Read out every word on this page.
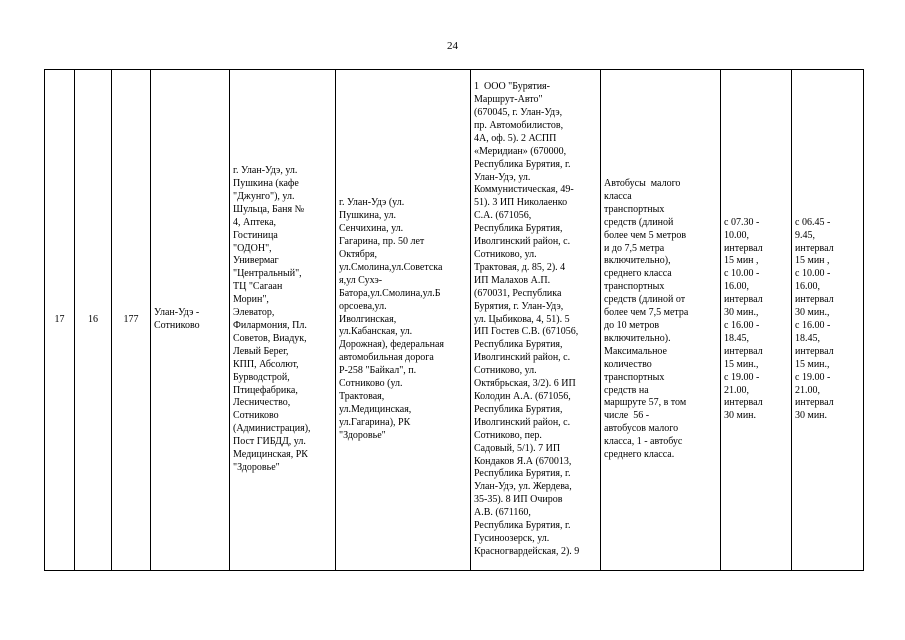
24
17	16	177	Улан-Удэ -
Сотниково	г. Улан-Удэ, ул.
Пушкина (кафе
"Джунго"), ул.
Шульца, Баня №
4, Аптека,
Гостиница
"ОДОН",
Универмаг
"Центральный",
ТЦ "Сагаан
Морин",
Элеватор,
Филармония, Пл.
Советов, Виадук,
Левый Берег,
КПП, Абсолют,
Бурводстрой,
Птицефабрика,
Лесничество,
Сотниково
(Администрация),
Пост ГИБДД, ул.
Медицинская, РК
"Здоровье"	г. Улан-Удэ (ул.
Пушкина, ул.
Сенчихина, ул.
Гагарина, пр. 50 лет
Октября,
ул.Смолина,ул.Советска
я,ул Сухэ-
Батора,ул.Смолина,ул.Б
орсоева,ул.
Иволгинская,
ул.Кабанская, ул.
Дорожная), федеральная
автомобильная дорога
Р-258 "Байкал", п.
Сотниково (ул.
Трактовая,
ул.Медицинская,
ул.Гагарина), РК
"Здоровье"	1  ООО "Бурятия-
Маршрут-Авто"
(670045, г. Улан-Удэ,
пр. Автомобилистов,
4А, оф. 5). 2 АСПП
«Меридиан» (670000,
Республика Бурятия, г.
Улан-Удэ, ул.
Коммунистическая, 49-
51). 3 ИП Николаенко
С.А. (671056,
Республика Бурятия,
Иволгинский район, с.
Сотниково, ул.
Трактовая, д. 85, 2). 4
ИП Малахов А.П.
(670031, Республика
Бурятия, г. Улан-Удэ,
ул. Цыбикова, 4, 51). 5
ИП Гостев С.В. (671056,
Республика Бурятия,
Иволгинский район, с.
Сотниково, ул.
Октябрьская, 3/2). 6 ИП
Колодин А.А. (671056,
Республика Бурятия,
Иволгинский район, с.
Сотниково, пер.
Садовый, 5/1). 7 ИП
Кондаков Я.А (670013,
Республика Бурятия, г.
Улан-Удэ, ул. Жердева,
35-35). 8 ИП Очиров
А.В. (671160,
Республика Бурятия, г.
Гусиноозерск, ул.
Красногвардейская, 2). 9	Автобусы  малого
класса
транспортных
средств (длиной
более чем 5 метров
и до 7,5 метра
включительно),
среднего класса
транспортных
средств (длиной от
более чем 7,5 метра
до 10 метров
включительно).
Максимальное
количество
транспортных
средств на
маршруте 57, в том
числе  56 -
автобусов малого
класса, 1 - автобус
среднего класса.	с 07.30 -
10.00,
интервал
15 мин ,
с 10.00 -
16.00,
интервал
30 мин.,
с 16.00 -
18.45,
интервал
15 мин.,
с 19.00 -
21.00,
интервал
30 мин.	с 06.45 -
9.45,
интервал
15 мин ,
с 10.00 -
16.00,
интервал
30 мин.,
с 16.00 -
18.45,
интервал
15 мин.,
с 19.00 -
21.00,
интервал
30 мин.
